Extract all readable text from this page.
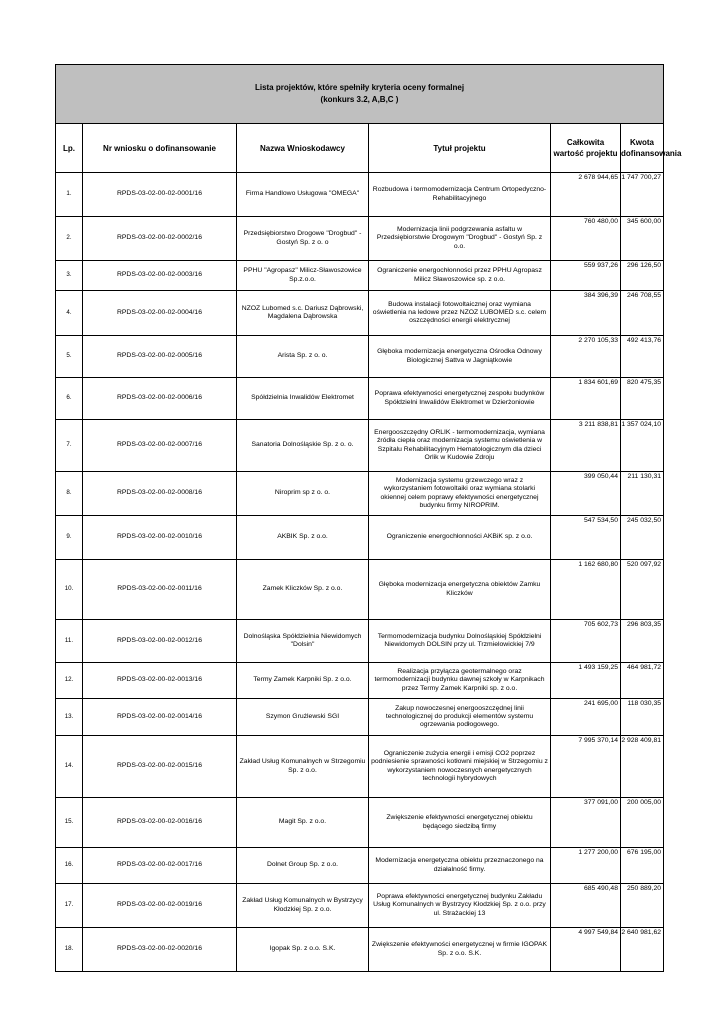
Lista projektów, które spełniły kryteria oceny formalnej
(konkurs 3.2, A,B,C )					

Lp.	Nr wniosku o dofinansowanie	Nazwa Wnioskodawcy	Tytuł projektu	Całkowita wartość projektu	Kwota dofinansowania
1.	RPDS-03-02-00-02-0001/16	Firma Handlowo Usługowa "OMEGA"	Rozbudowa i termomodernizacja Centrum Ortopedyczno-Rehabilitacyjnego	2 678 944,65	1 747 700,27
2.	RPDS-03-02-00-02-0002/16	Przedsiębiorstwo Drogowe "Drogbud" - Gostyń Sp. z o. o	Modernizacja linii podgrzewania asfaltu w Przedsiębiorstwie Drogowym "Drogbud" - Gostyń Sp. z o.o.	760 480,00	345 600,00
3.	RPDS-03-02-00-02-0003/16	PPHU "Agropasz" Milicz-Sławoszowice Sp.z.o.o.	Ograniczenie energochłonności przez PPHU Agropasz Milicz Sławoszowice sp. z o.o.	559 937,26	296 126,50
4.	RPDS-03-02-00-02-0004/16	NZOZ Lubomed s.c. Dariusz Dąbrowski, Magdalena Dąbrowska	Budowa instalacji fotowoltaicznej oraz wymiana oświetlenia na ledowe przez NZOZ LUBOMED s.c. celem oszczędności energii elektrycznej	384 396,39	246 708,55
5.	RPDS-03-02-00-02-0005/16	Arista Sp. z o. o.	Głęboka modernizacja energetyczna Ośrodka Odnowy Biologicznej Sattva w Jagniątkowie	2 270 105,33	492 413,76
6.	RPDS-03-02-00-02-0006/16	Spółdzielnia Inwalidów Elektromet	Poprawa efektywności energetycznej zespołu budynków Spółdzielni Inwalidów Elektromet w Dzierżoniowie	1 834 601,69	820 475,35
7.	RPDS-03-02-00-02-0007/16	Sanatoria Dolnośląskie Sp. z o. o.	Energooszczędny ORLIK - termomodernizacja, wymiana źródła ciepła oraz modernizacja systemu oświetlenia w Szpitalu Rehabilitacyjnym Hematologicznym dla dzieci Orlik w Kudowie Zdroju	3 211 838,81	1 357 024,10
8.	RPDS-03-02-00-02-0008/16	Niroprim sp z o. o.	Modernizacja systemu grzewczego wraz z wykorzystaniem fotowoltaiki oraz wymiana stolarki okiennej celem poprawy efektywności energetycznej budynku firmy NIROPRIM.	399 050,44	211 130,31
9.	RPDS-03-02-00-02-0010/16	AKBIK Sp. z o.o.	Ograniczenie energochłonności AKBiK sp. z o.o.	547 534,50	245 032,50
10.	RPDS-03-02-00-02-0011/16	Zamek Kliczków Sp. z o.o.	Głęboka modernizacja energetyczna obiektów Zamku Kliczków	1 162 680,80	520 097,92
11.	RPDS-03-02-00-02-0012/16	Dolnośląska Spółdzielnia Niewidomych "Dolsin"	Termomodernizacja budynku Dolnośląskiej Spółdzielni Niewidomych DOLSIN przy ul. Trzmielowickiej 7/9	705 602,73	296 803,35
12.	RPDS-03-02-00-02-0013/16	Termy Zamek Karpniki Sp. z o.o.	Realizacja przyłącza geotermalnego oraz termomodernizacji budynku dawnej szkoły w Karpnikach przez Termy Zamek Karpniki sp. z o.o.	1 493 159,25	464 981,72
13.	RPDS-03-02-00-02-0014/16	Szymon Grużlewski SGI	Zakup nowoczesnej energooszczędnej linii technologicznej do produkcji elementów systemu ogrzewania podłogowego.	241 695,00	118 030,35
14.	RPDS-03-02-00-02-0015/16	Zakład Usług Komunalnych w Strzegomiu Sp. z o.o.	Ograniczenie zużycia energii i emisji CO2 poprzez podniesienie sprawności kotłowni miejskiej w Strzegomiu z wykorzystaniem nowoczesnych energetycznych technologii hybrydowych	7 995 370,14	2 928 409,81
15.	RPDS-03-02-00-02-0016/16	Magit Sp. z o.o.	Zwiększenie efektywności energetycznej obiektu będącego siedzibą firmy	377 091,00	200 005,00
16.	RPDS-03-02-00-02-0017/16	Dolnet Group Sp. z o.o.	Modernizacja energetyczna obiektu przeznaczonego na działalność firmy.	1 277 200,00	676 195,00
17.	RPDS-03-02-00-02-0019/16	Zakład Usług Komunalnych w Bystrzycy Kłodzkiej Sp. z o.o.	Poprawa efektywności energetycznej budynku Zakładu Usług Komunalnych w Bystrzycy Kłodzkiej Sp. z o.o. przy ul. Strażackiej 13	685 490,48	250 889,20
18.	RPDS-03-02-00-02-0020/16	Igopak Sp. z o.o. S.K.	Zwiększenie efektywności energetycznej w firmie IGOPAK Sp. z o.o. S.K.	4 997 549,84	2 640 981,62
